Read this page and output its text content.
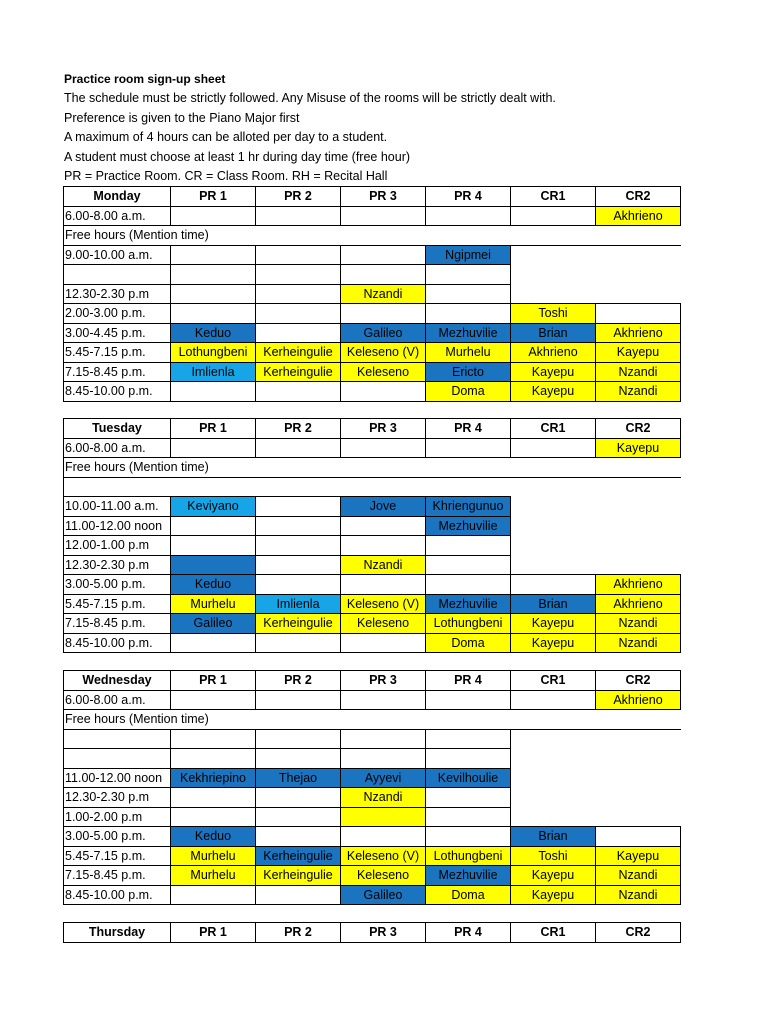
Practice room sign-up sheet
The schedule must be strictly followed. Any Misuse of the rooms will be strictly dealt with.
Preference is given to the Piano Major first
A maximum of 4 hours can be alloted per day to a student.
A student must choose at least 1 hr during day time (free hour)
PR = Practice Room. CR = Class Room. RH = Recital Hall
Monday	PR 1	PR 2	PR 3	PR 4	CR1	CR2
6.00-8.00 a.m.						Akhrieno
Free hours (Mention time)						
9.00-10.00 a.m.				Ngipmei		

12.30-2.30 p.m			Nzandi			
2.00-3.00 p.m.					Toshi	
3.00-4.45 p.m.	Keduo		Galileo	Mezhuvilie	Brian	Akhrieno
5.45-7.15 p.m.	Lothungbeni	Kerheingulie	Keleseno (V)	Murhelu	Akhrieno	Kayepu
7.15-8.45 p.m.	Imlienla	Kerheingulie	Keleseno	Ericto	Kayepu	Nzandi
8.45-10.00 p.m.				Doma	Kayepu	Nzandi
Tuesday	PR 1	PR 2	PR 3	PR 4	CR1	CR2
6.00-8.00 a.m.						Kayepu
Free hours (Mention time)						

10.00-11.00 a.m.	Keviyano		Jove	Khriengunuo		
11.00-12.00 noon				Mezhuvilie		
12.00-1.00 p.m						
12.30-2.30 p.m			Nzandi			
3.00-5.00 p.m.	Keduo					Akhrieno
5.45-7.15 p.m.	Murhelu	Imlienla	Keleseno (V)	Mezhuvilie	Brian	Akhrieno
7.15-8.45 p.m.	Galileo	Kerheingulie	Keleseno	Lothungbeni	Kayepu	Nzandi
8.45-10.00 p.m.				Doma	Kayepu	Nzandi
Wednesday	PR 1	PR 2	PR 3	PR 4	CR1	CR2
6.00-8.00 a.m.						Akhrieno
Free hours (Mention time)						

11.00-12.00 noon	Kekhriepino	Thejao	Ayyevi	Kevilhoulie		
12.30-2.30 p.m			Nzandi			
1.00-2.00 p.m						
3.00-5.00 p.m.	Keduo				Brian	
5.45-7.15 p.m.	Murhelu	Kerheingulie	Keleseno (V)	Lothungbeni	Toshi	Kayepu
7.15-8.45 p.m.	Murhelu	Kerheingulie	Keleseno	Mezhuvilie	Kayepu	Nzandi
8.45-10.00 p.m.			Galileo	Doma	Kayepu	Nzandi
Thursday	PR 1	PR 2	PR 3	PR 4	CR1	CR2
